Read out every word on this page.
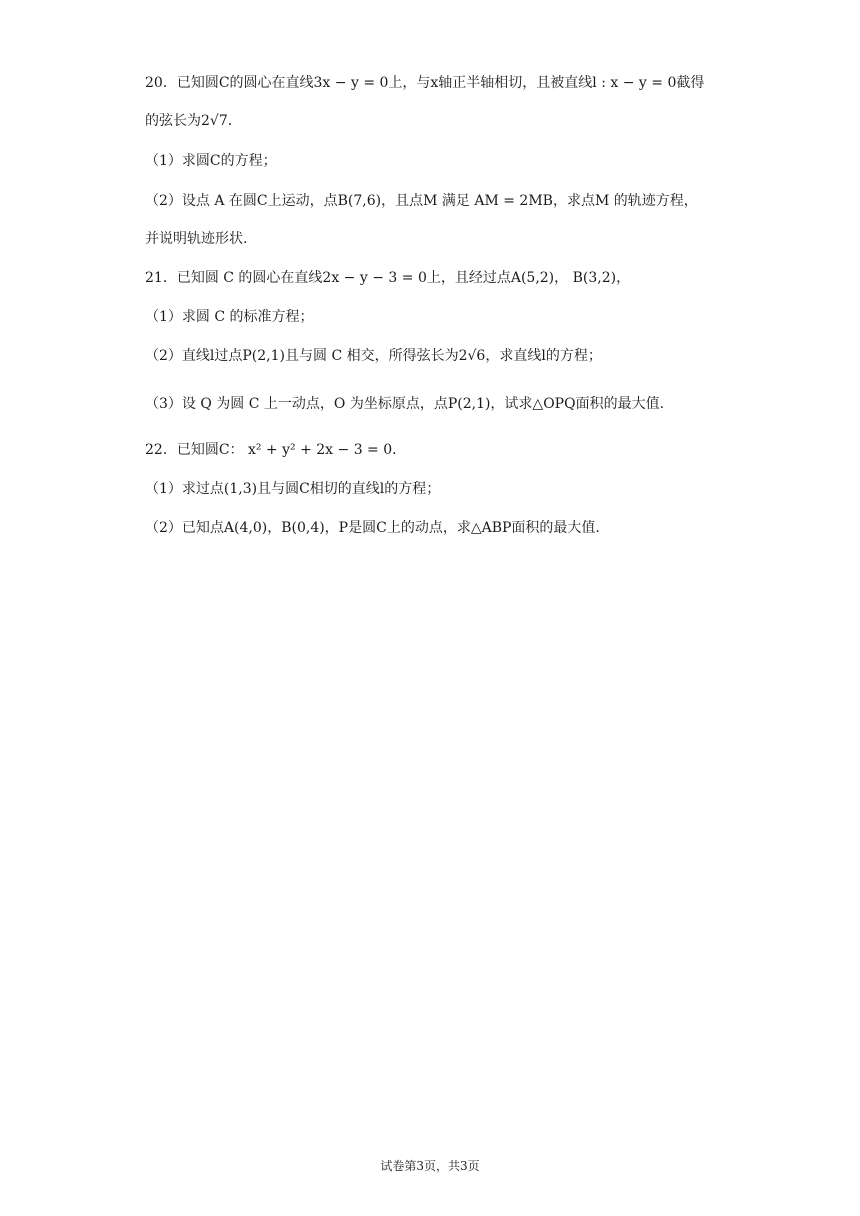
20．已知圆C的圆心在直线3x − y = 0上，与x轴正半轴相切，且被直线l : x − y = 0截得
的弦长为2√7．
（1）求圆C的方程；
（2）设点 A 在圆C上运动，点B(7,6)，且点M 满足 AM = 2MB，求点M 的轨迹方程，
并说明轨迹形状.
21．已知圆 C 的圆心在直线2x − y − 3 = 0上，且经过点A(5,2)， B(3,2)，
（1）求圆 C 的标准方程；
（2）直线l过点P(2,1)且与圆 C 相交，所得弦长为2√6，求直线l的方程；
（3）设 Q 为圆 C 上一动点，O 为坐标原点，点P(2,1)，试求△OPQ面积的最大值.
22．已知圆C： x² + y² + 2x − 3 = 0．
（1）求过点(1,3)且与圆C相切的直线l的方程；
（2）已知点A(4,0)，B(0,4)，P是圆C上的动点，求△ABP面积的最大值.
试卷第3页，共3页
